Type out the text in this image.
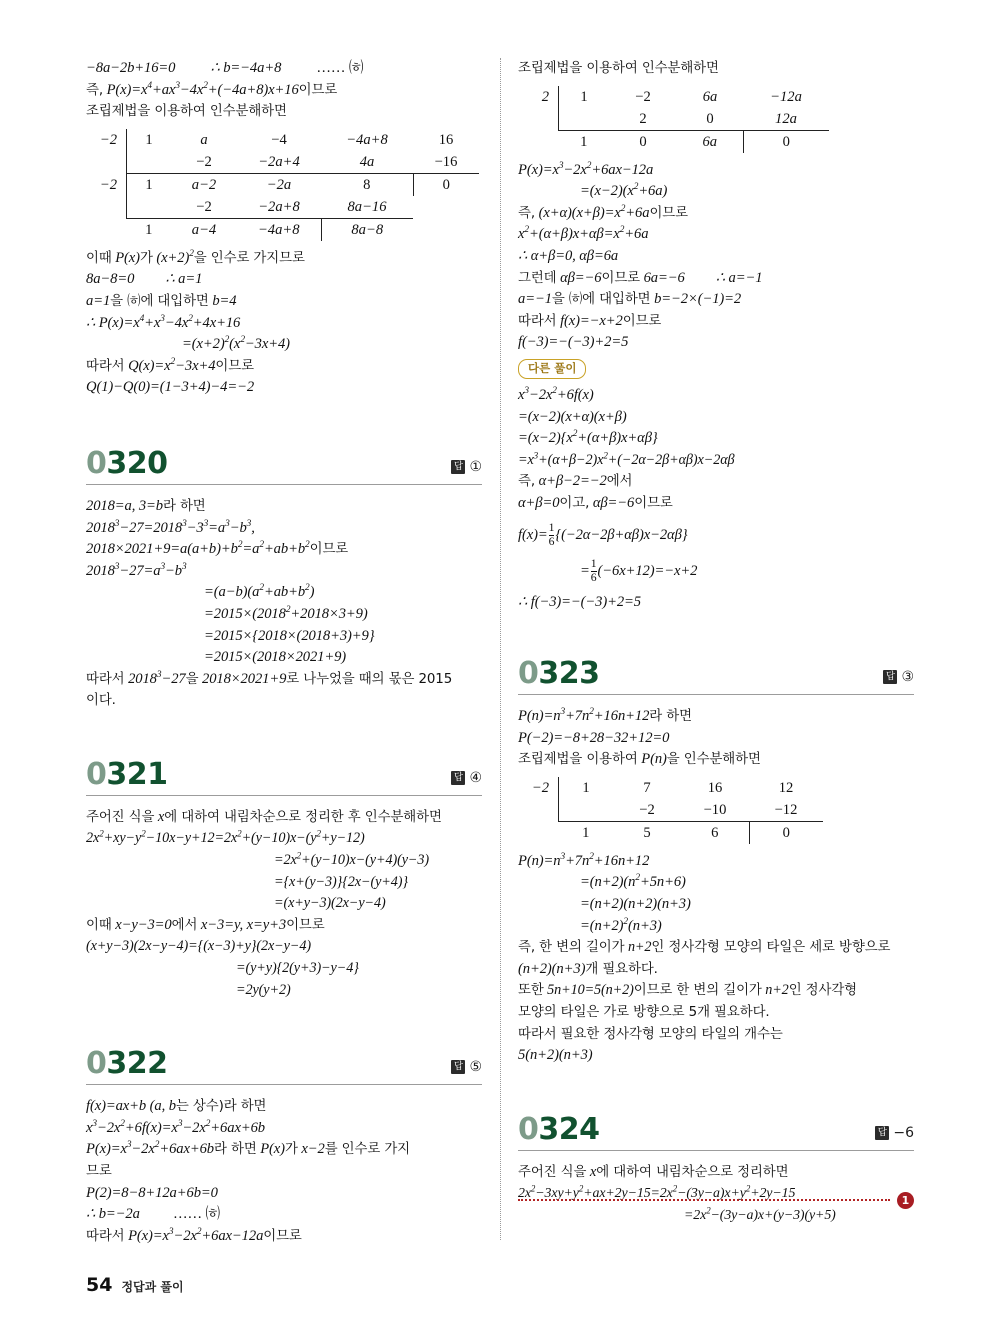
−8a−2b+16=0 ∴ b=−4a+8 …… ㈍
즉, $P(x)=x^4+ax^3-4x^2+(-4a+8)x+16$이므로
조립제법을 이용하여 인수분해하면
−2	1	a	−4	−4a+8	16
		−2	−2a+4	4a	−16
−2	1	a−2	−2a	8	0
		−2	−2a+8	8a−16	
	1	a−4	−4a+8	8a−8	
이때 P(x)가 $(x+2)^2$을 인수로 가지므로
8a−8=0 ∴ a=1
a=1을 ㈍에 대입하면 b=4
∴ $P(x)=x^4+x^3-4x^2+4x+16$
$=(x+2)^2(x^2-3x+4)$
따라서 $Q(x)=x^2-3x+4$이므로
Q(1)−Q(0)=(1−3+4)−4=−2
0320	답 ①
2018=a, 3=b라 하면
$2018^3-27=2018^3-3^3=a^3-b^3$,
$2018\times 2021+9=a(a+b)+b^2=a^2+ab+b^2$이므로
$2018^3-27=a^3-b^3$
$=(a-b)(a^2+ab+b^2)$
$=2015\times(2018^2+2018\times 3+9)$
=2015×{2018×(2018+3)+9}
=2015×(2018×2021+9)
따라서 $2018^3-27$을 2018×2021+9로 나누었을 때의 몫은 2015
이다.
0321	답 ④
주어진 식을 x에 대하여 내림차순으로 정리한 후 인수분해하면
$2x^2+xy-y^2-10x-y+12=2x^2+(y-10)x-(y^2+y-12)$
$=2x^2+(y-10)x-(y+4)(y-3)$
={x+(y−3)}{2x−(y+4)}
=(x+y−3)(2x−y−4)
이때 x−y−3=0에서 x−3=y, x=y+3이므로
(x+y−3)(2x−y−4)={(x−3)+y}(2x−y−4)
=(y+y){2(y+3)−y−4}
=2y(y+2)
0322	답 ⑤
f(x)=ax+b (a, b는 상수)라 하면
$x^3-2x^2+6f(x)=x^3-2x^2+6ax+6b$
$P(x)=x^3-2x^2+6ax+6b$라 하면 P(x)가 x−2를 인수로 가지
므로
P(2)=8−8+12a+6b=0
∴ b=−2a …… ㈍
따라서 $P(x)=x^3-2x^2+6ax-12a$이므로
조립제법을 이용하여 인수분해하면
2	1	−2	6a	−12a
		2	0	12a
	1	0	6a	0
$P(x)=x^3-2x^2+6ax-12a$
$=(x-2)(x^2+6a)$
즉, $(x+\alpha)(x+\beta)=x^2+6a$이므로
$x^2+(\alpha+\beta)x+\alpha\beta=x^2+6a$
∴ α+β=0, αβ=6a
그런데 αβ=−6이므로 6a=−6 ∴ a=−1
a=−1을 ㈍에 대입하면 b=−2×(−1)=2
따라서 f(x)=−x+2이므로
f(−3)=−(−3)+2=5
다른 풀이
$x^3-2x^2+6f(x)$
=(x−2)(x+α)(x+β)
$=(x-2)\{x^2+(\alpha+\beta)x+\alpha\beta\}$
$=x^3+(\alpha+\beta-2)x^2+(-2\alpha-2\beta+\alpha\beta)x-2\alpha\beta$
즉, α+β−2=−2에서
α+β=0이고, αβ=−6이므로
$f(x)= \frac{1}{6} \{(-2\alpha-2\beta+\alpha\beta)x-2\alpha\beta\}$
= $\frac{1}{6} (-6x+12)=-x+2$
∴ f(−3)=−(−3)+2=5
0323	답 ③
$P(n)=n^3+7n^2+16n+12$라 하면
P(−2)=−8+28−32+12=0
조립제법을 이용하여 P(n)을 인수분해하면
−2	1	7	16	12
		−2	−10	−12
	1	5	6	0
$P(n)=n^3+7n^2+16n+12$
$=(n+2)(n^2+5n+6)$
=(n+2)(n+2)(n+3)
$=(n+2)^2(n+3)$
즉, 한 변의 길이가 n+2인 정사각형 모양의 타일은 세로 방향으로
(n+2)(n+3)개 필요하다.
또한 5n+10=5(n+2)이므로 한 변의 길이가 n+2인 정사각형
모양의 타일은 가로 방향으로 5개 필요하다.
따라서 필요한 정사각형 모양의 타일의 개수는
5(n+2)(n+3)
0324	답 −6
주어진 식을 x에 대하여 내림차순으로 정리하면
$2x^2-3xy+y^2+ax+2y-15=2x^2-(3y-a)x+y^2+2y-15$
$=2x^2-(3y-a)x+(y-3)(y+5)$
1
54 정답과 풀이
